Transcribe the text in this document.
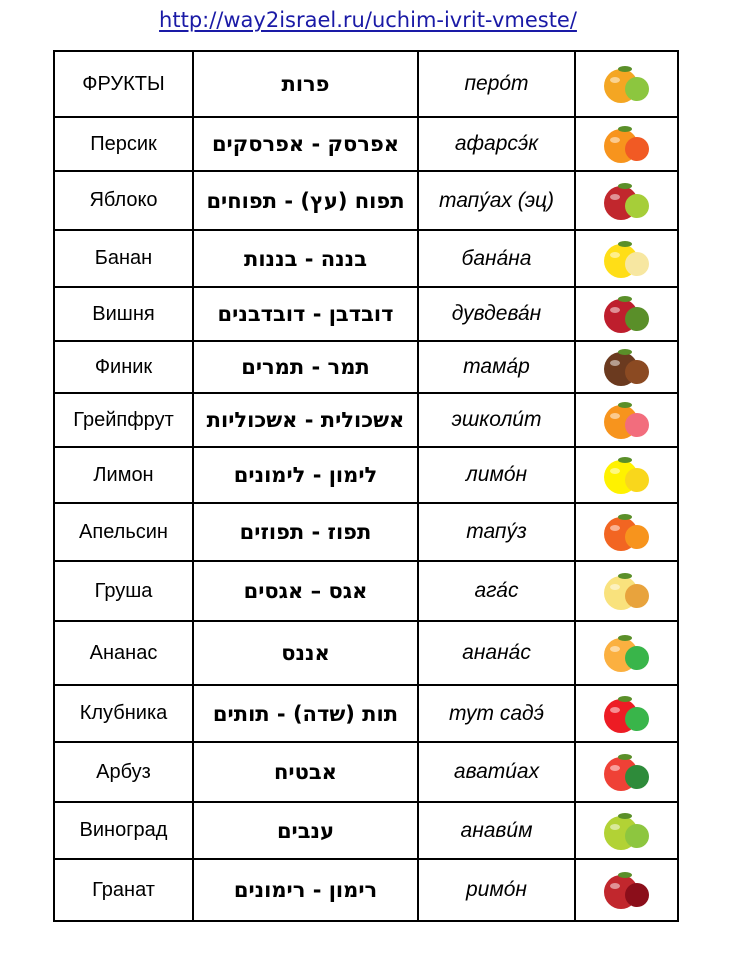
http://way2israel.ru/uchim-ivrit-vmeste/
ФРУКТЫ	פרות	перо́т	

Персик	אפרסק - אפרסקים	афарсэ́к	

Яблоко	תפוח (עץ) - תפוחים	тапу́ах (эц)	

Банан	בננה - בננות	бана́на	

Вишня	דובדבן - דובדבנים	дувдева́н	

Финик	תמר - תמרים	тама́р	

Грейпфрут	אשכולית - אשכוליות	эшколи́т	

Лимон	לימון - לימונים	лимо́н	

Апельсин	תפוז - תפוזים	тапу́з	

Груша	אגס – אגסים	ага́с	

Ананас	אננס	анана́с	

Клубника	תות (שדה) - תותים	тут садэ́	

Арбуз	אבטיח	авати́ах	

Виноград	ענבים	анави́м	

Гранат	רימון - רימונים	римо́н	
